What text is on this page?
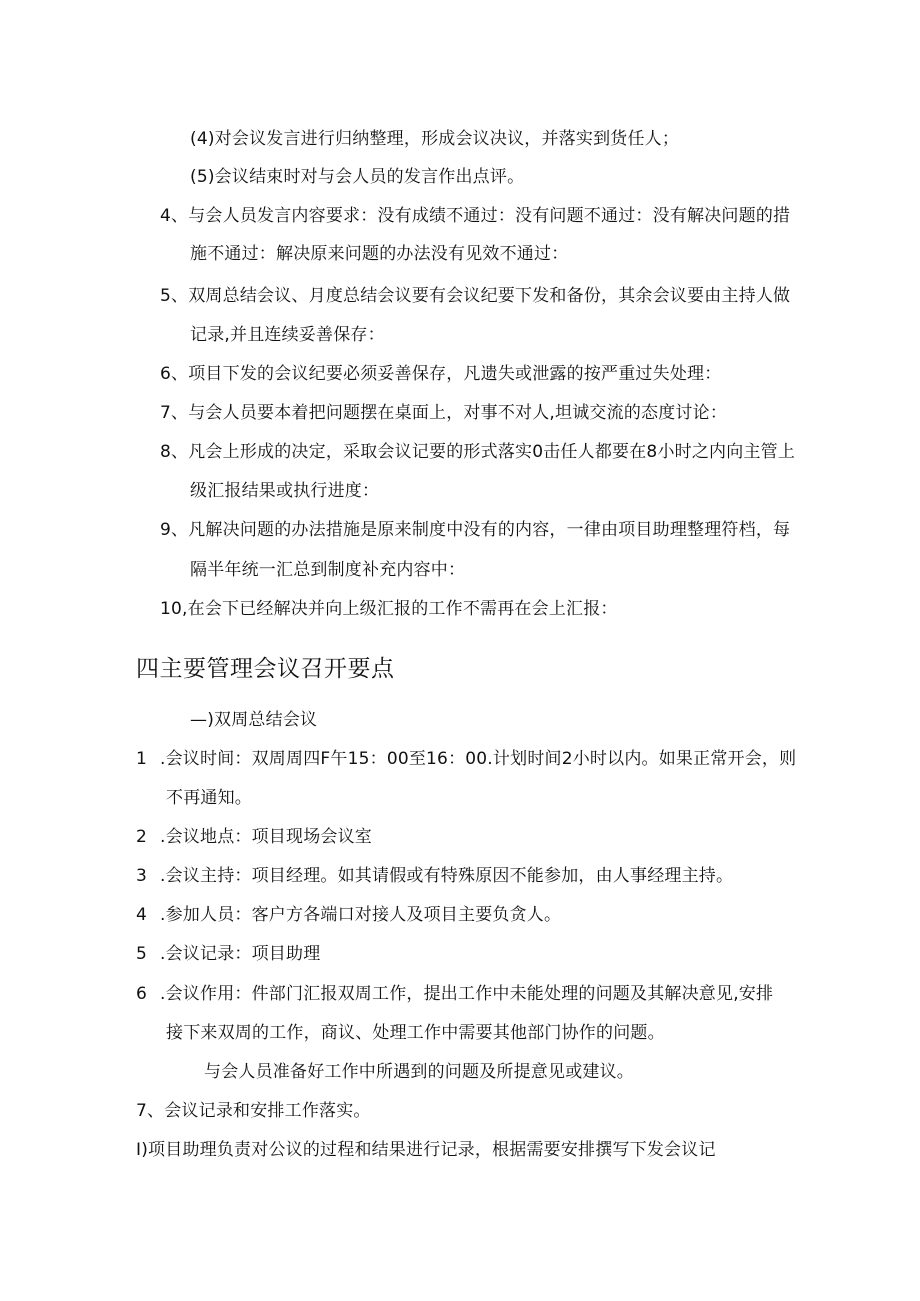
(4)对会议发言进行归纳整理，形成会议决议，并落实到货任人；
(5)会议结束时对与会人员的发言作出点评。
4、与会人员发言内容要求：没有成绩不通过：没有问题不通过：没有解决问题的措
施不通过：解决原来问题的办法没有见效不通过：
5、双周总结会议、月度总结会议要有会议纪要下发和备份，其余会议要由主持人做
记录,并且连续妥善保存：
6、项目下发的会议纪要必须妥善保存，凡遗失或泄露的按严重过失处理：
7、与会人员要本着把问题摆在桌面上，对事不对人,坦诚交流的态度讨论：
8、凡会上形成的决定，采取会议记要的形式落实0击任人都要在8小时之内向主管上
级汇报结果或执行进度：
9、凡解决问题的办法措施是原来制度中没有的内容，一律由项目助理整理符档，每
隔半年统一汇总到制度补充内容中：
10,在会下已经解决并向上级汇报的工作不需再在会上汇报：
四主要管理会议召开要点
—)双周总结会议
1 .会议时间：双周周四F午15：00至16：00.计划时间2小时以内。如果正常开会，则
不再通知。
2 .会议地点：项目现场会议室
3 .会议主持：项目经理。如其请假或有特殊原因不能参加，由人事经理主持。
4 .参加人员：客户方各端口对接人及项目主要负贪人。
5 .会议记录：项目助理
6 .会议作用：件部门汇报双周工作，提出工作中未能处理的问题及其解决意见,安排
接下来双周的工作，商议、处理工作中需要其他部门协作的问题。
与会人员准备好工作中所遇到的问题及所提意见或建议。
7、会议记录和安排工作落实。
I)项目助理负责对公议的过程和结果进行记录，根据需要安排撰写下发会议记
